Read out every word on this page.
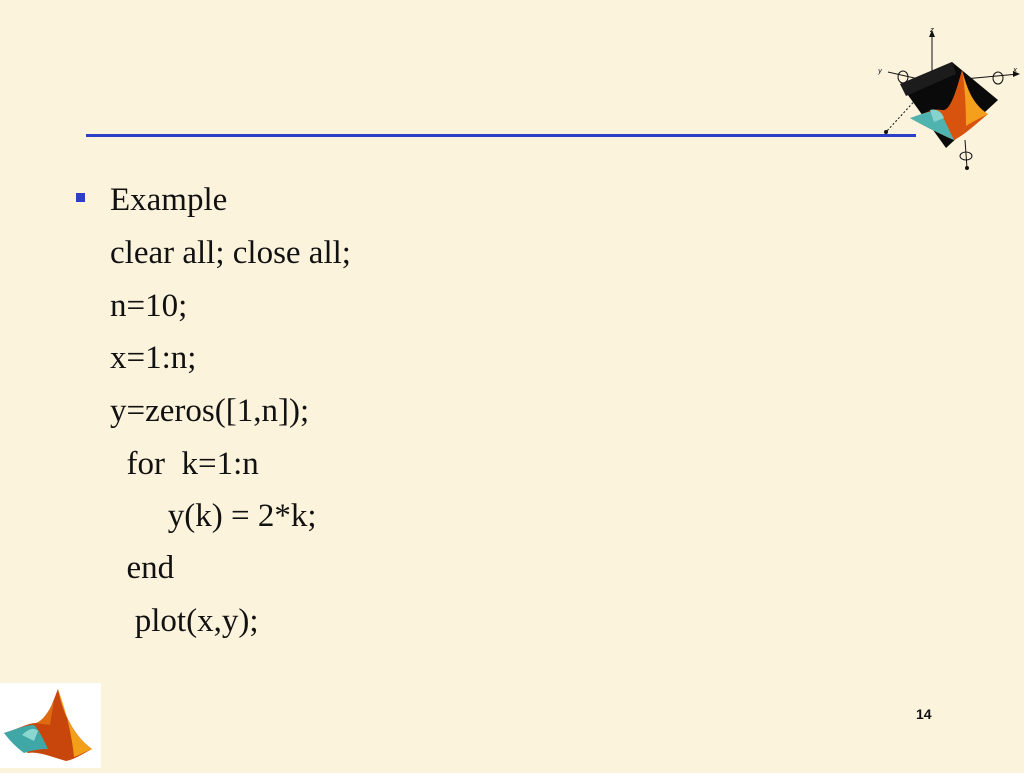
z
y	x
Example
clear all; close all;
n=10;
x=1:n;
y=zeros([1,n]);
for  k=1:n
y(k) = 2*k;
end
plot(x,y);
14
